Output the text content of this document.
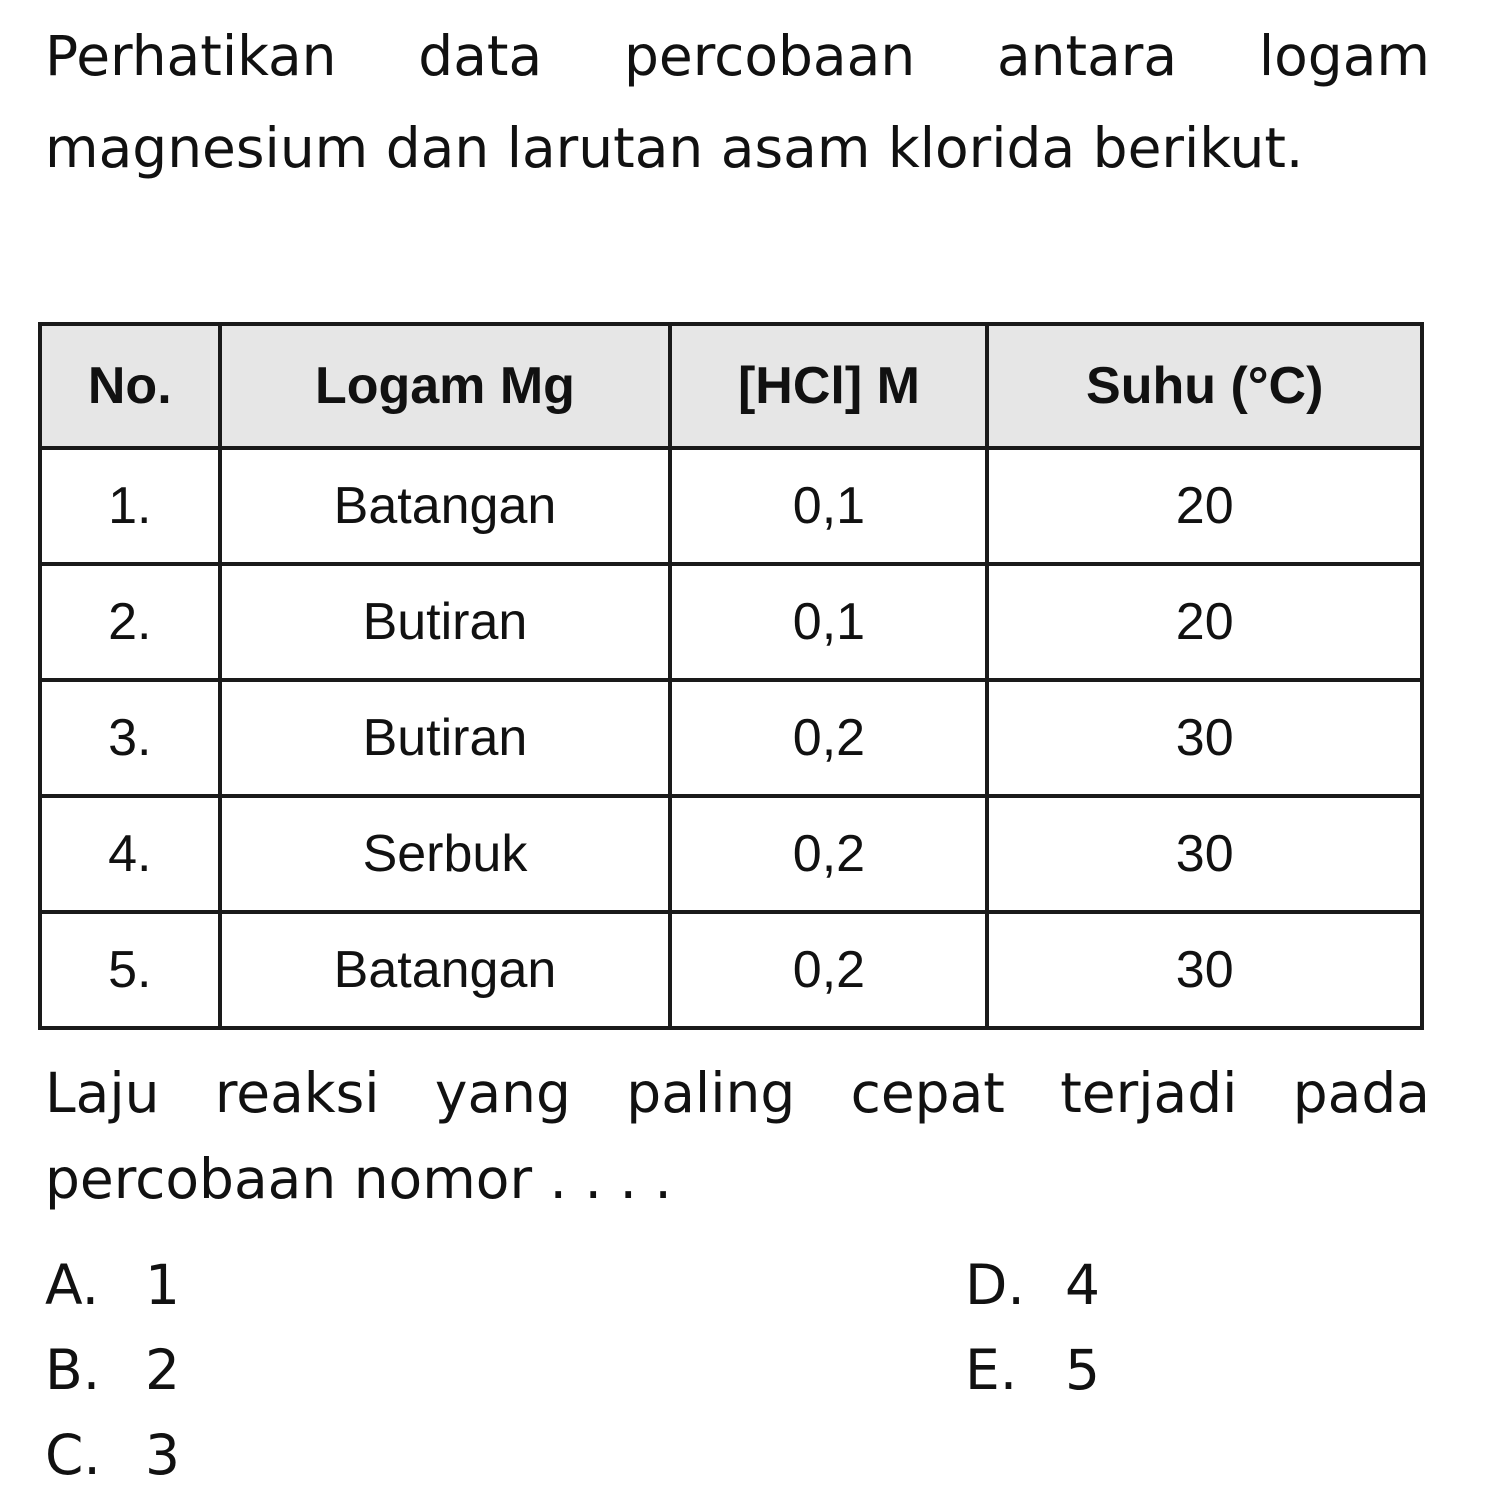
Perhatikan data percobaan antara logam magnesium dan larutan asam klorida berikut.

No.	Logam Mg	[HCl] M	Suhu (°C)
1.	Batangan	0,1	20
2.	Butiran	0,1	20
3.	Butiran	0,2	30
4.	Serbuk	0,2	30
5.	Batangan	0,2	30

Laju reaksi yang paling cepat terjadi pada percobaan nomor . . . .

A. 1
B. 2
C. 3
D. 4
E. 5
